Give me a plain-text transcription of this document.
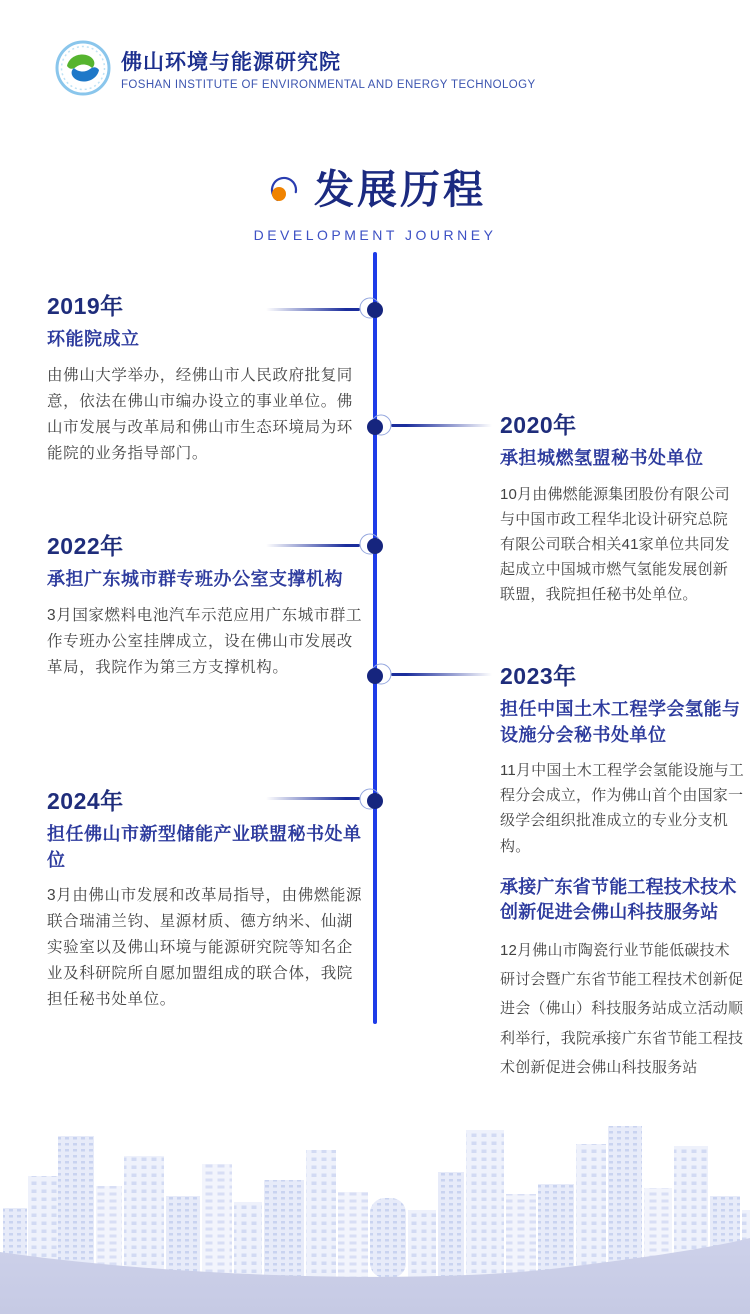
佛山环境与能源研究院
FOSHAN INSTITUTE OF ENVIRONMENTAL AND ENERGY TECHNOLOGY
发展历程
DEVELOPMENT JOURNEY
2019年
环能院成立
由佛山大学举办，经佛山市人民政府批复同意，依法在佛山市编办设立的事业单位。佛山市发展与改革局和佛山市生态环境局为环能院的业务指导部门。
2020年
承担城燃氢盟秘书处单位
10月由佛燃能源集团股份有限公司与中国市政工程华北设计研究总院有限公司联合相关41家单位共同发起成立中国城市燃气氢能发展创新联盟，我院担任秘书处单位。
2022年
承担广东城市群专班办公室支撑机构
3月国家燃料电池汽车示范应用广东城市群工作专班办公室挂牌成立，设在佛山市发展改革局，我院作为第三方支撑机构。	2023年
担任中国土木工程学会氢能与设施分会秘书处单位
11月中国土木工程学会氢能设施与工程分会成立，作为佛山首个由国家一级学会组织批准成立的专业分支机构。
承接广东省节能工程技术技术创新促进会佛山科技服务站
12月佛山市陶瓷行业节能低碳技术研讨会暨广东省节能工程技术创新促进会（佛山）科技服务站成立活动顺利举行，我院承接广东省节能工程技术创新促进会佛山科技服务站
2024年
担任佛山市新型储能产业联盟秘书处单位
3月由佛山市发展和改革局指导，由佛燃能源联合瑞浦兰钧、星源材质、德方纳米、仙湖实验室以及佛山环境与能源研究院等知名企业及科研院所自愿加盟组成的联合体，我院担任秘书处单位。
